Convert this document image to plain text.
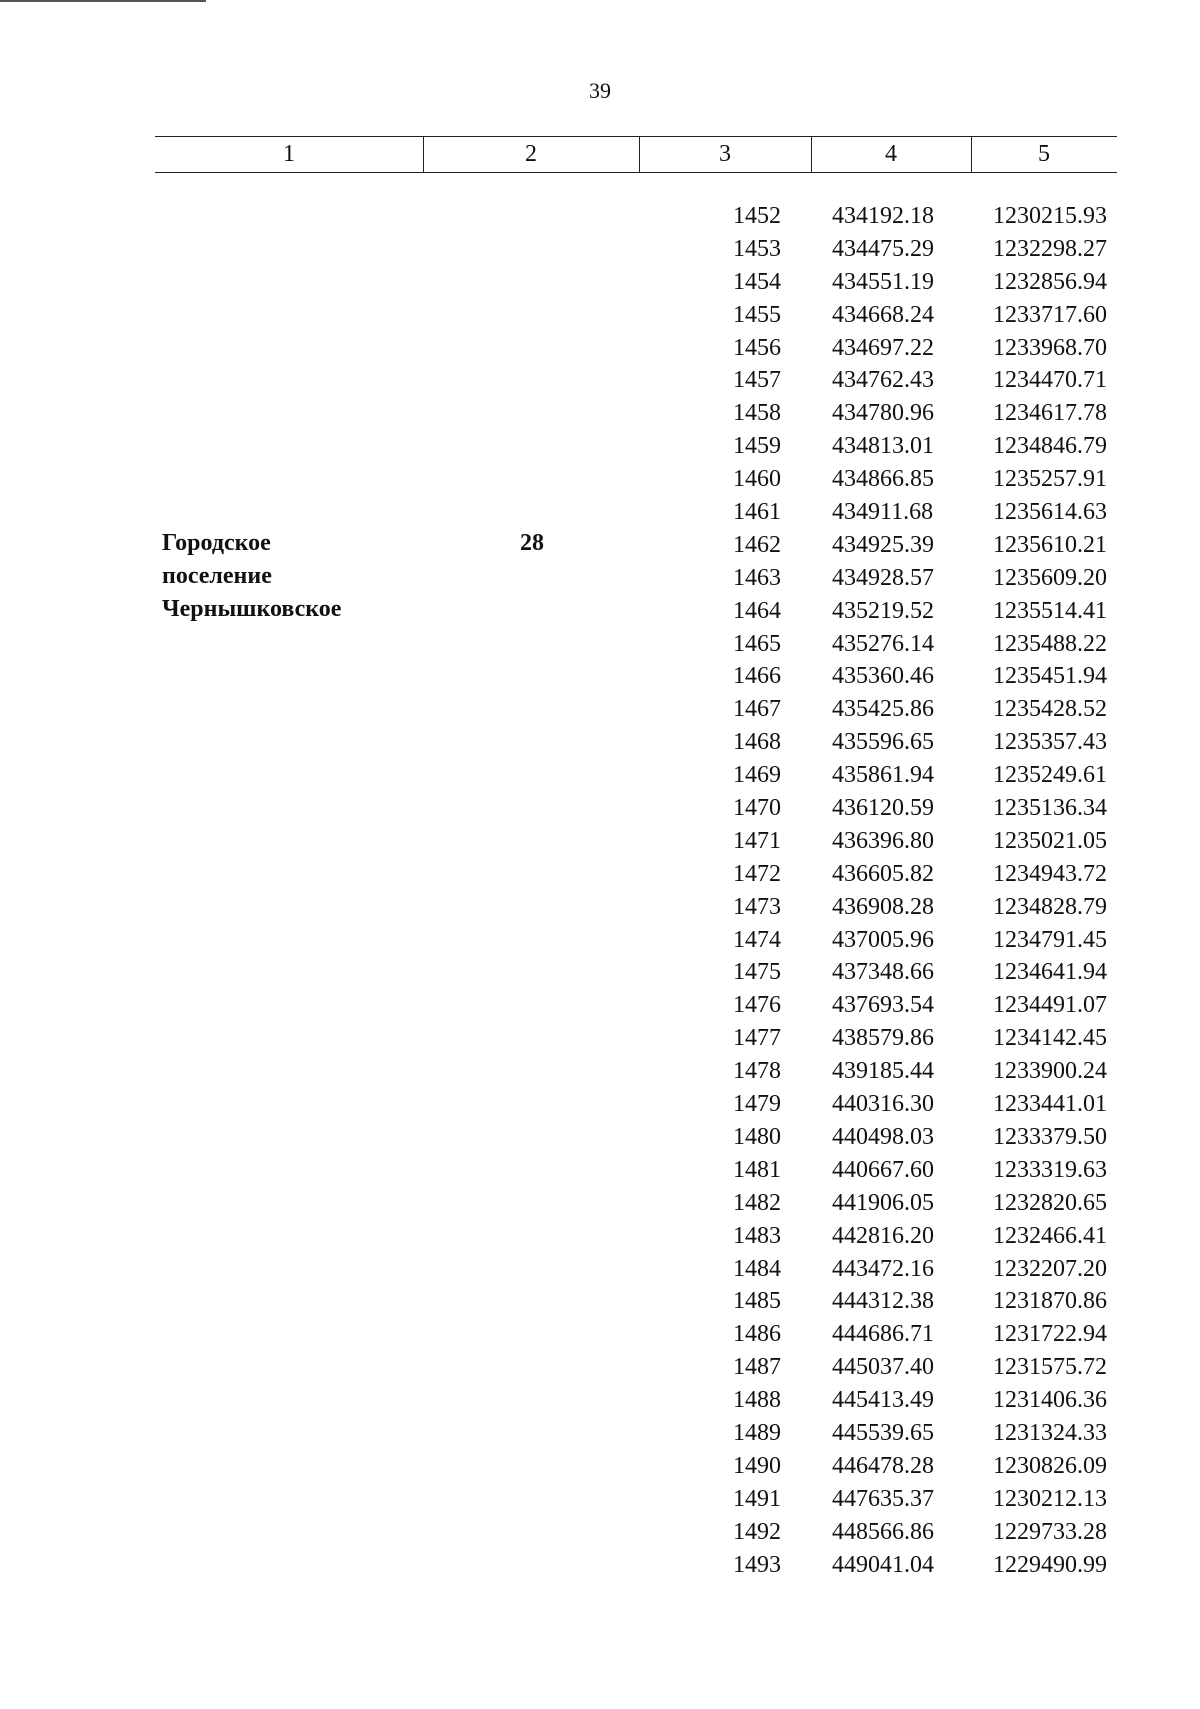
39
1	2	3	4	5
Городское
поселение
Чернышковское
28
1452 434192.18 1230215.93
1453 434475.29 1232298.27
1454 434551.19 1232856.94
1455 434668.24 1233717.60
1456 434697.22 1233968.70
1457 434762.43 1234470.71
1458 434780.96 1234617.78
1459 434813.01 1234846.79
1460 434866.85 1235257.91
1461 434911.68 1235614.63
1462 434925.39 1235610.21
1463 434928.57 1235609.20
1464 435219.52 1235514.41
1465 435276.14 1235488.22
1466 435360.46 1235451.94
1467 435425.86 1235428.52
1468 435596.65 1235357.43
1469 435861.94 1235249.61
1470 436120.59 1235136.34
1471 436396.80 1235021.05
1472 436605.82 1234943.72
1473 436908.28 1234828.79
1474 437005.96 1234791.45
1475 437348.66 1234641.94
1476 437693.54 1234491.07
1477 438579.86 1234142.45
1478 439185.44 1233900.24
1479 440316.30 1233441.01
1480 440498.03 1233379.50
1481 440667.60 1233319.63
1482 441906.05 1232820.65
1483 442816.20 1232466.41
1484 443472.16 1232207.20
1485 444312.38 1231870.86
1486 444686.71 1231722.94
1487 445037.40 1231575.72
1488 445413.49 1231406.36
1489 445539.65 1231324.33
1490 446478.28 1230826.09
1491 447635.37 1230212.13
1492 448566.86 1229733.28
1493 449041.04 1229490.99
